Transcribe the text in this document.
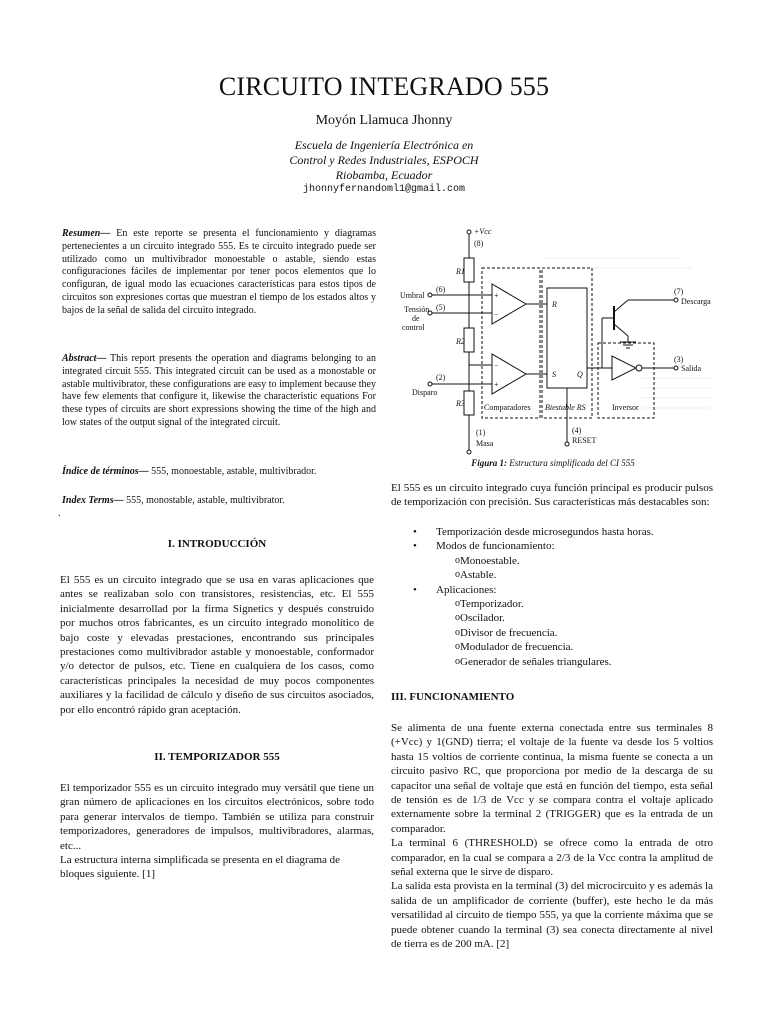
CIRCUITO INTEGRADO 555
Moyón Llamuca Jhonny
Escuela de Ingeniería Electrónica en
Control y Redes Industriales, ESPOCH
Riobamba, Ecuador
jhonnyfernandoml1@gmail.com
Resumen— En este reporte se presenta el funcionamiento y diagramas pertenecientes a un circuito integrado 555. Es te circuito integrado puede ser utilizado como un multivibrador monoestable o astable, siendo estas configuraciones fáciles de implementar por tener pocos elementos que lo configuran, de igual modo las ecuaciones características para estos tipos de circuitos son expresiones cortas que muestran el tiempo de los estados altos y bajos de la señal de salida del circuito integrado.
Abstract— This report presents the operation and diagrams belonging to an integrated circuit 555. This integrated circuit can be used as a monostable or astable multivibrator, these configurations are easy to implement because they have few elements that configure it, likewise the characteristic equations For these types of circuits are short expressions showing the time of the high and low states of the output signal of the integrated circuit.
Índice de términos— 555, monoestable, astable, multivibrador.
Index Terms— 555, monostable, astable, multivibrator.
.
I. INTRODUCCIÓN
El 555 es un circuito integrado que se usa en varas aplicaciones que antes se realizaban solo con transistores, resistencias, etc. El 555 inicialmente desarrollad por la firma Signetics y después construido por muchos otros fabricantes, es un circuito integrado monolítico de bajo coste y elevadas prestaciones, encontrando sus principales prestaciones como multivibrador astable y monoestable, conformador y/o detector de pulsos, etc. Tiene en cualquiera de los casos, como características principales la necesidad de muy pocos componentes auxiliares y la facilidad de cálculo y diseño de sus circuitos asociados, por ello encontró rápido gran aceptación.
II. TEMPORIZADOR 555
El temporizador 555 es un circuito integrado muy versátil que tiene un gran número de aplicaciones en los circuitos electrónicos, sobre todo para generar intervalos de tiempo. También se utiliza para construir temporizadores, generadores de impulsos, multivibradores, alarmas, etc...
La estructura interna simplificada se presenta en el diagrama de bloques siguiente. [1]
+Vcc
(8)
R1
R2
R3
Umbral
(6)
Tensión
de
control
(5)
Disparo
(2)
Comparadores Biestable RS	Inversor
R
S	Q
+
−
−
+
(7)
Descarga
(3)
Salida
(1)
Masa
(4)
RESET
Figura 1: Estructura simplificada del CI 555
El 555 es un circuito integrado cuya función principal es producir pulsos de temporización con precisión. Sus características más destacables son:
• Temporización desde microsegundos hasta horas.
• Modos de funcionamiento:
o Monoestable.
o Astable.
• Aplicaciones:
o Temporizador.
o Oscilador.
o Divisor de frecuencia.
o Modulador de frecuencia.
o Generador de señales triangulares.
III. FUNCIONAMIENTO
Se alimenta de una fuente externa conectada entre sus terminales 8 (+Vcc) y 1(GND) tierra; el voltaje de la fuente va desde los 5 voltios hasta 15 voltios de corriente continua, la misma fuente se conecta a un circuito pasivo RC, que proporciona por medio de la descarga de su capacitor una señal de voltaje que está en función del tiempo, esta señal de tensión es de 1/3 de Vcc y se compara contra el voltaje aplicado externamente sobre la terminal 2 (TRIGGER) que es la entrada de un comparador.
La terminal 6 (THRESHOLD) se ofrece como la entrada de otro comparador, en la cual se compara a 2/3 de la Vcc contra la amplitud de señal externa que le sirve de disparo.
La salida esta provista en la terminal (3) del microcircuito y es además la salida de un amplificador de corriente (buffer), este hecho le da más versatilidad al circuito de tiempo 555, ya que la corriente máxima que se puede obtener cuando la terminal (3) sea conecta directamente al nivel de tierra es de 200 mA. [2]
